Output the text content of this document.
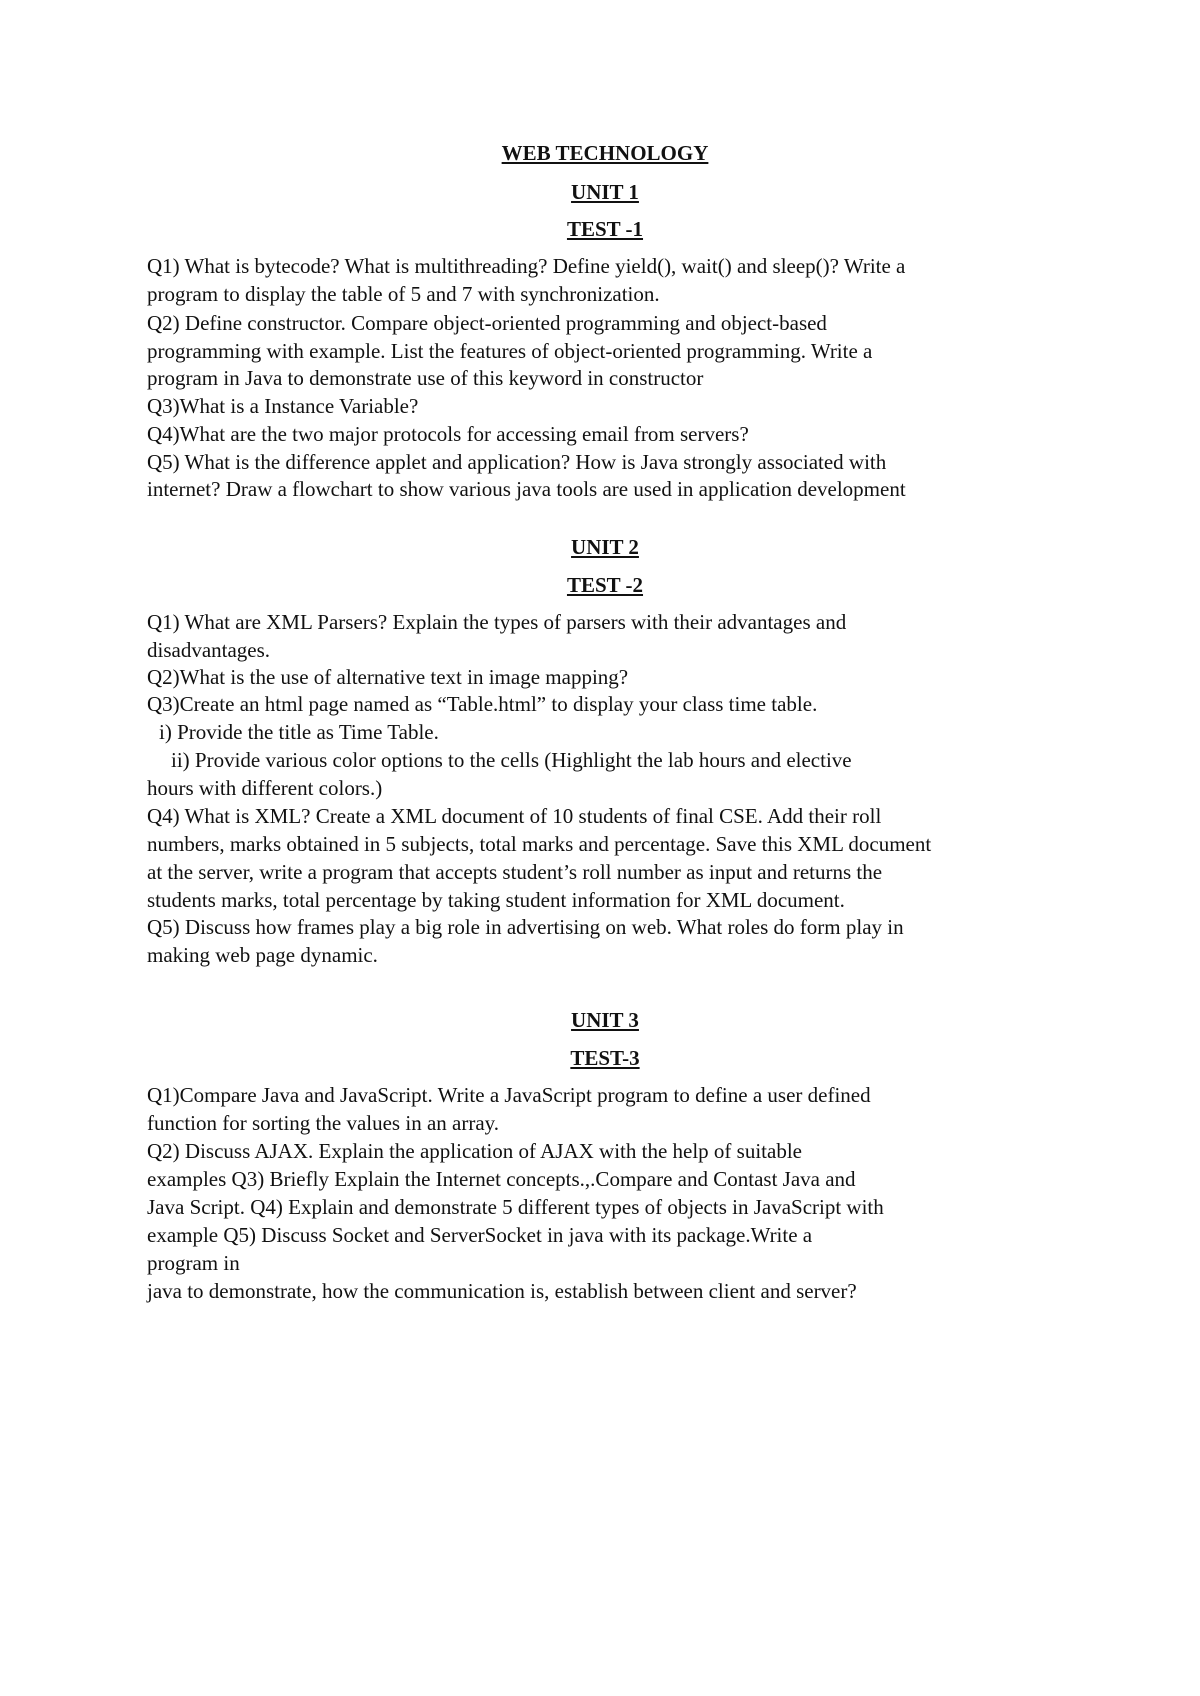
WEB TECHNOLOGY
UNIT 1
TEST -1
Q1) What is bytecode? What is multithreading? Define yield(), wait() and sleep()? Write a
program to display the table of 5 and 7 with synchronization.
Q2) Define constructor. Compare object-oriented programming and object-based
programming with example. List the features of object-oriented programming. Write a
program in Java to demonstrate use of this keyword in constructor
Q3)What is a Instance Variable?
Q4)What are the two major protocols for accessing email from servers?
Q5) What is the difference applet and application? How is Java strongly associated with
internet? Draw a flowchart to show various java tools are used in application development
UNIT 2
TEST -2
Q1) What are XML Parsers? Explain the types of parsers with their advantages and
disadvantages.
Q2)What is the use of alternative text in image mapping?
Q3)Create an html page named as “Table.html” to display your class time table.
i) Provide the title as Time Table.
ii) Provide various color options to the cells (Highlight the lab hours and elective
hours with different colors.)
Q4) What is XML? Create a XML document of 10 students of final CSE. Add their roll
numbers, marks obtained in 5 subjects, total marks and percentage. Save this XML document
at the server, write a program that accepts student’s roll number as input and returns the
students marks, total percentage by taking student information for XML document.
Q5) Discuss how frames play a big role in advertising on web. What roles do form play in
making web page dynamic.
UNIT 3
TEST-3
Q1)Compare Java and JavaScript. Write a JavaScript program to define a user defined
function for sorting the values in an array.
Q2) Discuss AJAX. Explain the application of AJAX with the help of suitable
examples Q3) Briefly Explain the Internet concepts.,.Compare and Contast Java and
Java Script. Q4) Explain and demonstrate 5 different types of objects in JavaScript with
example Q5) Discuss Socket and ServerSocket in java with its package.Write a
program in
java to demonstrate, how the communication is, establish between client and server?
